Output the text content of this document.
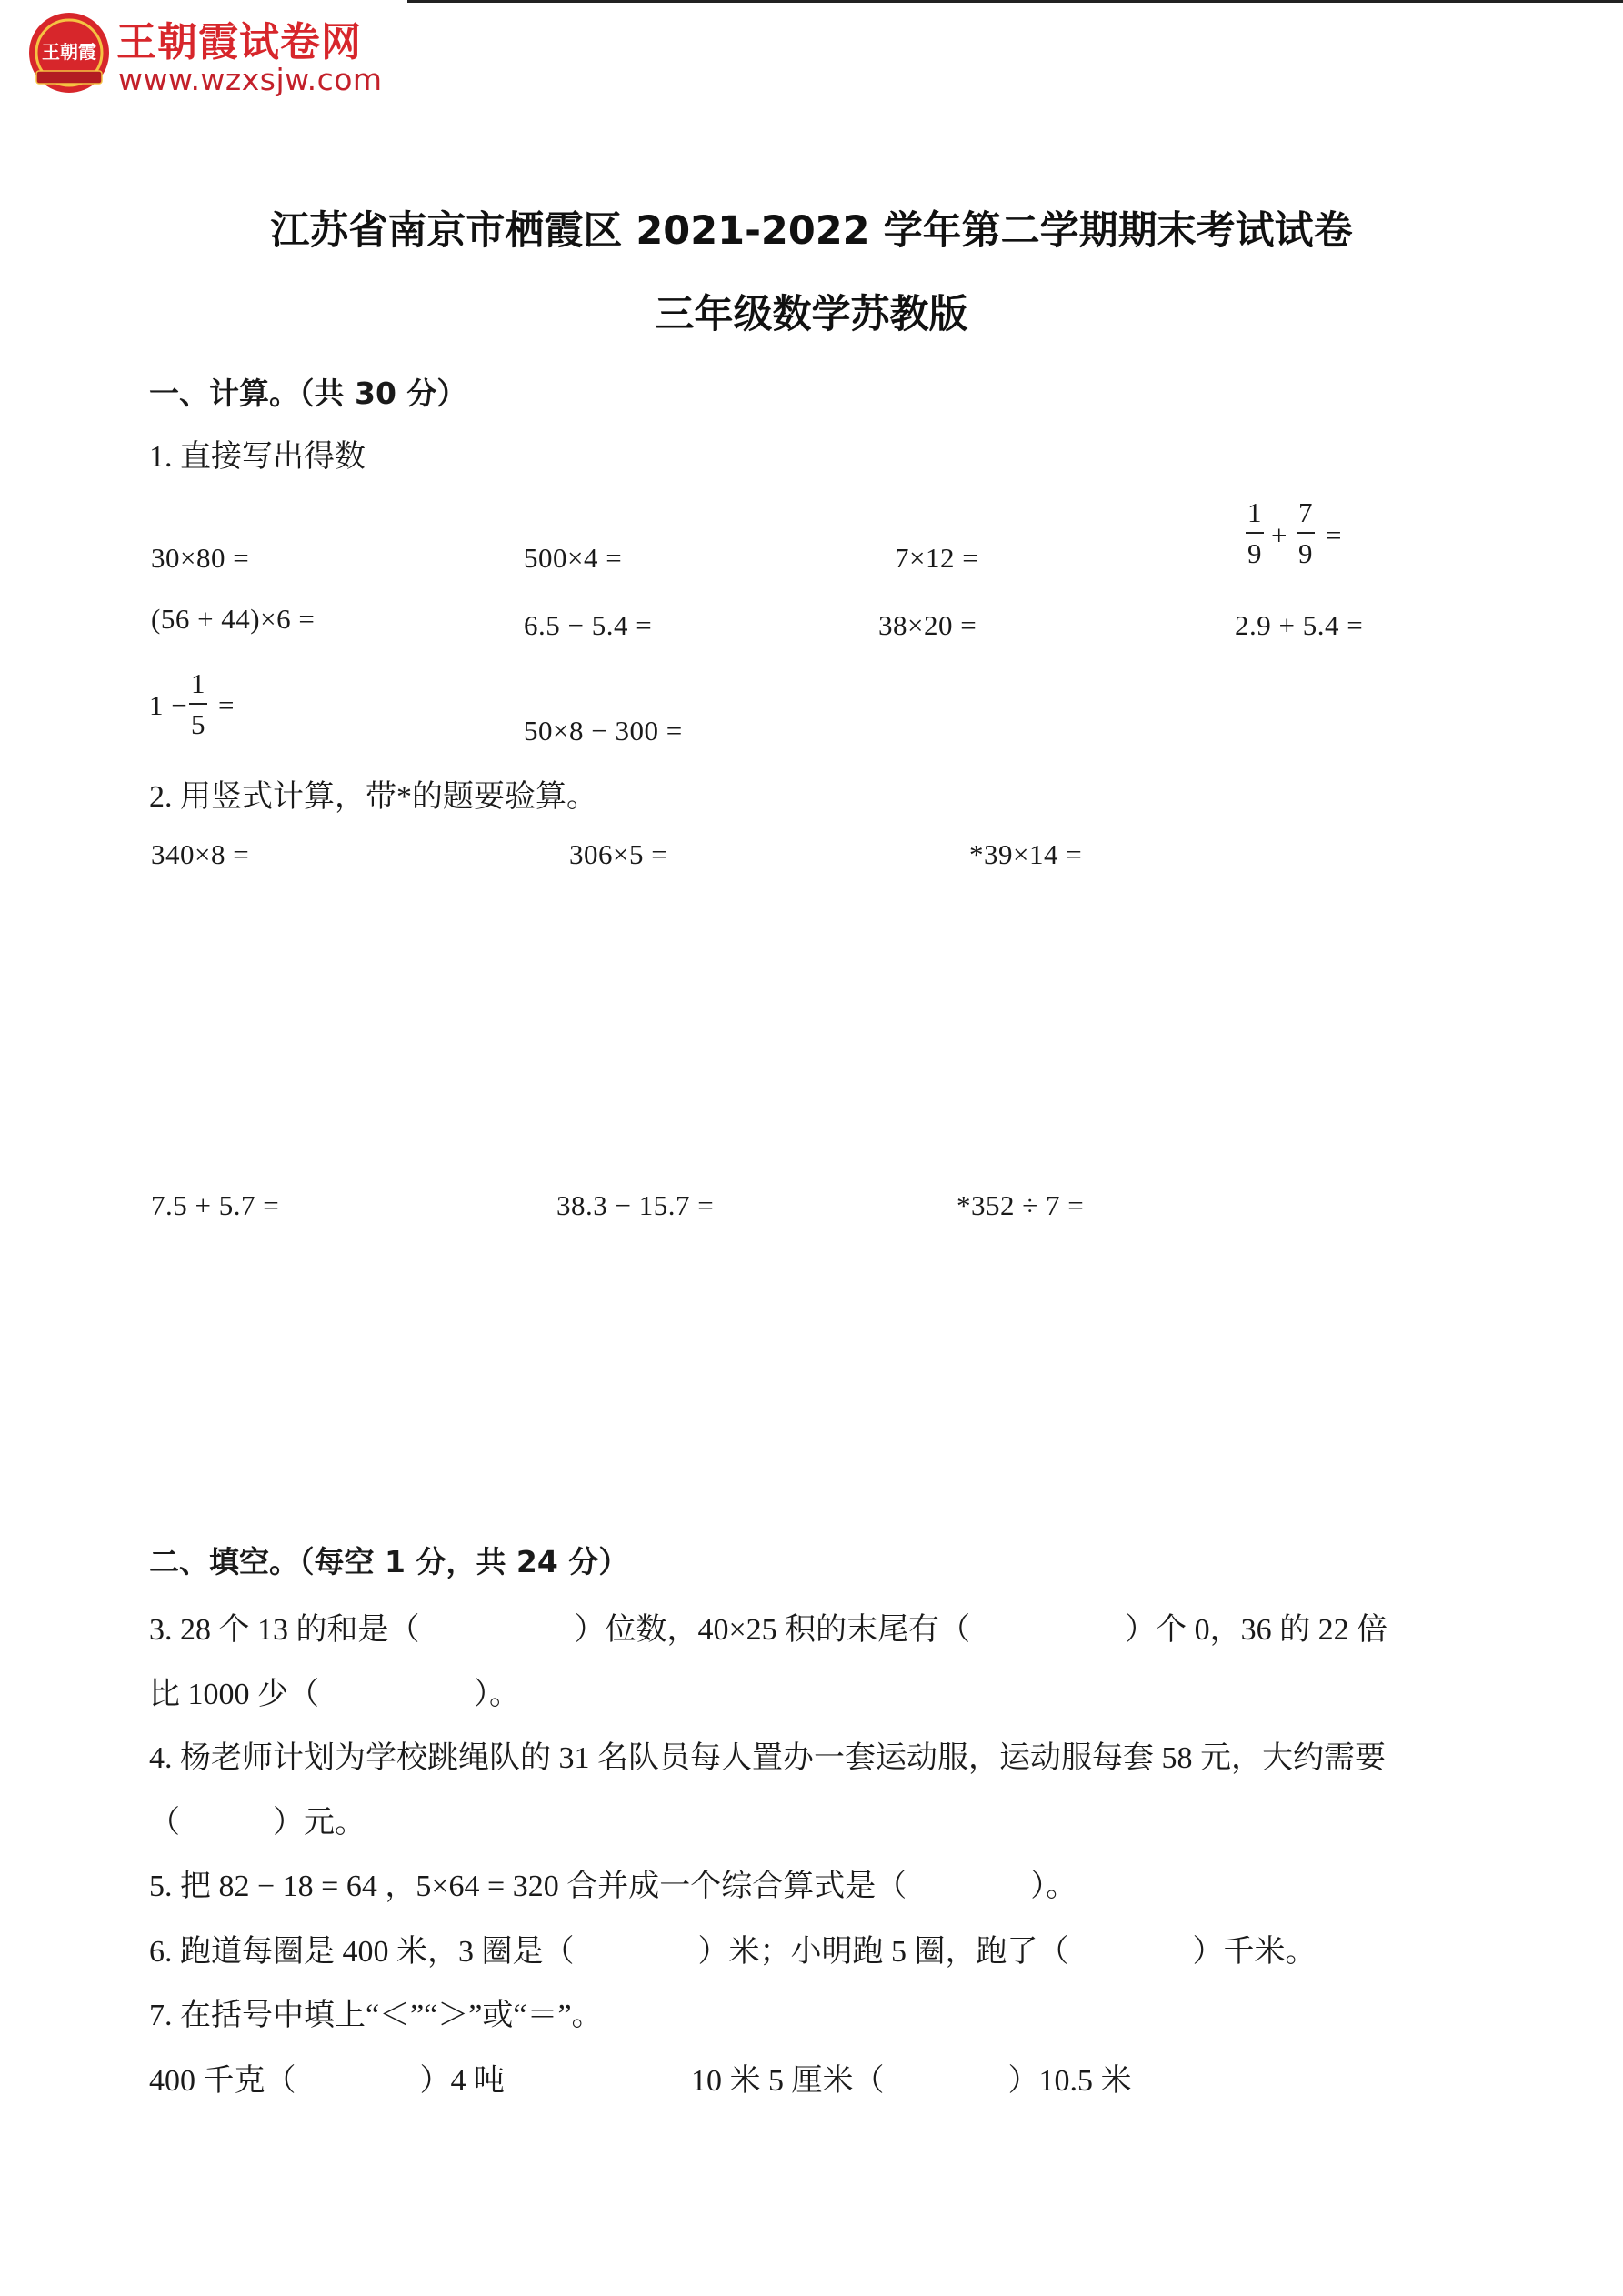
王朝霞 王朝霞试卷网
www.wzxsjw.com
江苏省南京市栖霞区 2021-2022 学年第二学期期末考试试卷
三年级数学苏教版
一、计算。（共 30 分）
1. 直接写出得数
30×80 =	500×4 =	7×12 =	$\frac{1}{9} + \frac{7}{9}$ =
(56 + 44)×6 =	6.5 − 5.4 =	38×20 =	2.9 + 5.4 =
$1 - \frac{1}{5}$ =
50×8 − 300 =
2. 用竖式计算，带*的题要验算。
340×8 =	306×5 =	*39×14 =
7.5 + 5.7 =	38.3 − 15.7 =	*352 ÷ 7 =
二、填空。（每空 1 分，共 24 分）
3. 28 个 13 的和是（　　　　　）位数，40×25 积的末尾有（　　　　　）个 0，36 的 22 倍
比 1000 少（　　　　　）。
4. 杨老师计划为学校跳绳队的 31 名队员每人置办一套运动服，运动服每套 58 元，大约需要
（　　　）元。
5. 把 82 − 18 = 64 ，5×64 = 320 合并成一个综合算式是（　　　　）。
6. 跑道每圈是 400 米，3 圈是（　　　　）米；小明跑 5 圈，跑了（　　　　）千米。
7. 在括号中填上“＜”“＞”或“＝”。
400 千克（　　　　）4 吨	10 米 5 厘米（　　　　）10.5 米
